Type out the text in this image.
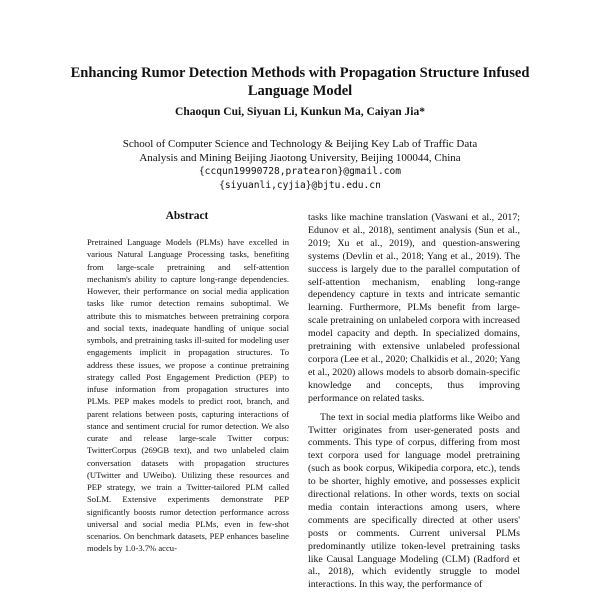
Enhancing Rumor Detection Methods with Propagation Structure Infused Language Model
Chaoqun Cui, Siyuan Li, Kunkun Ma, Caiyan Jia*
School of Computer Science and Technology & Beijing Key Lab of Traffic Data
Analysis and Mining Beijing Jiaotong University, Beijing 100044, China
{ccqun19990728,pratearon}@gmail.com
{siyuanli,cyjia}@bjtu.edu.cn
Abstract

Pretrained Language Models (PLMs) have excelled in various Natural Language Processing tasks, benefiting from large-scale pretraining and self-attention mechanism's ability to capture long-range dependencies. However, their performance on social media application tasks like rumor detection remains suboptimal. We attribute this to mismatches between pretraining corpora and social texts, inadequate handling of unique social symbols, and pretraining tasks ill-suited for modeling user engagements implicit in propagation structures. To address these issues, we propose a continue pretraining strategy called Post Engagement Prediction (PEP) to infuse information from propagation structures into PLMs. PEP makes models to predict root, branch, and parent relations between posts, capturing interactions of stance and sentiment crucial for rumor detection. We also curate and release large-scale Twitter corpus: TwitterCorpus (269GB text), and two unlabeled claim conversation datasets with propagation structures (UTwitter and UWeibo). Utilizing these resources and PEP strategy, we train a Twitter-tailored PLM called SoLM. Extensive experiments demonstrate PEP significantly boosts rumor detection performance across universal and social media PLMs, even in few-shot scenarios. On benchmark datasets, PEP enhances baseline models by 1.0-3.7% accu-

tasks like machine translation (Vaswani et al., 2017; Edunov et al., 2018), sentiment analysis (Sun et al., 2019; Xu et al., 2019), and question-answering systems (Devlin et al., 2018; Yang et al., 2019). The success is largely due to the parallel computation of self-attention mechanism, enabling long-range dependency capture in texts and intricate semantic learning. Furthermore, PLMs benefit from large-scale pretraining on unlabeled corpora with increased model capacity and depth. In specialized domains, pretraining with extensive unlabeled professional corpora (Lee et al., 2020; Chalkidis et al., 2020; Yang et al., 2020) allows models to absorb domain-specific knowledge and concepts, thus improving performance on related tasks.

The text in social media platforms like Weibo and Twitter originates from user-generated posts and comments. This type of corpus, differing from most text corpora used for language model pretraining (such as book corpus, Wikipedia corpora, etc.), tends to be shorter, highly emotive, and possesses explicit directional relations. In other words, texts on social media contain interactions among users, where comments are specifically directed at other users' posts or comments. Current universal PLMs predominantly utilize token-level pretraining tasks like Causal Language Modeling (CLM) (Radford et al., 2018), which evidently struggle to model interactions. In this way, the performance of
